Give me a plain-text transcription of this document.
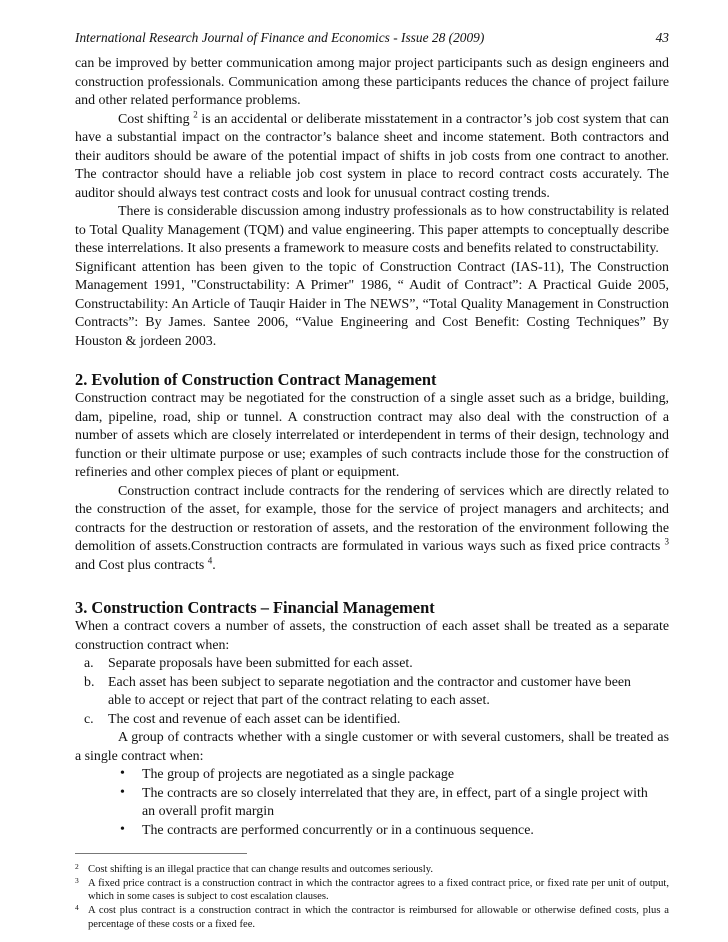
International Research Journal of Finance and Economics - Issue 28 (2009)	43

can be improved by better communication among major project participants such as design engineers and construction professionals. Communication among these participants reduces the chance of project failure and other related performance problems.

Cost shifting $^2$ is an accidental or deliberate misstatement in a contractor’s job cost system that can have a substantial impact on the contractor’s balance sheet and income statement. Both contractors and their auditors should be aware of the potential impact of shifts in job costs from one contract to another. The contractor should have a reliable job cost system in place to record contract costs accurately. The auditor should always test contract costs and look for unusual contract costing trends.

There is considerable discussion among industry professionals as to how constructability is related to Total Quality Management (TQM) and value engineering. This paper attempts to conceptually describe these interrelations. It also presents a framework to measure costs and benefits related to constructability.

Significant attention has been given to the topic of Construction Contract (IAS-11), The Construction Management 1991, "Constructability: A Primer" 1986, “ Audit of Contract”: A Practical Guide 2005, Constructability: An Article of Tauqir Haider in The NEWS”, “Total Quality Management in Construction Contracts”: By James. Santee 2006, “Value Engineering and Cost Benefit: Costing Techniques” By Houston & jordeen 2003.

2. Evolution of Construction Contract Management

Construction contract may be negotiated for the construction of a single asset such as a bridge, building, dam, pipeline, road, ship or tunnel. A construction contract may also deal with the construction of a number of assets which are closely interrelated or interdependent in terms of their design, technology and function or their ultimate purpose or use; examples of such contracts include those for the construction of refineries and other complex pieces of plant or equipment.

Construction contract include contracts for the rendering of services which are directly related to the construction of the asset, for example, those for the service of project managers and architects; and contracts for the destruction or restoration of assets, and the restoration of the environment following the demolition of assets.Construction contracts are formulated in various ways such as fixed price contracts $^3$ and Cost plus contracts $^4$.

3. Construction Contracts – Financial Management

When a contract covers a number of assets, the construction of each asset shall be treated as a separate construction contract when:

a. Separate proposals have been submitted for each asset.
b. Each asset has been subject to separate negotiation and the contractor and customer have been able to accept or reject that part of the contract relating to each asset.
c. The cost and revenue of each asset can be identified.

A group of contracts whether with a single customer or with several customers, shall be treated as a single contract when:

• The group of projects are negotiated as a single package
• The contracts are so closely interrelated that they are, in effect, part of a single project with an overall profit margin
• The contracts are performed concurrently or in a continuous sequence.
2 Cost shifting is an illegal practice that can change results and outcomes seriously.
3 A fixed price contract is a construction contract in which the contractor agrees to a fixed contract price, or fixed rate per unit of output, which in some cases is subject to cost escalation clauses.
4 A cost plus contract is a construction contract in which the contractor is reimbursed for allowable or otherwise defined costs, plus a percentage of these costs or a fixed fee.
